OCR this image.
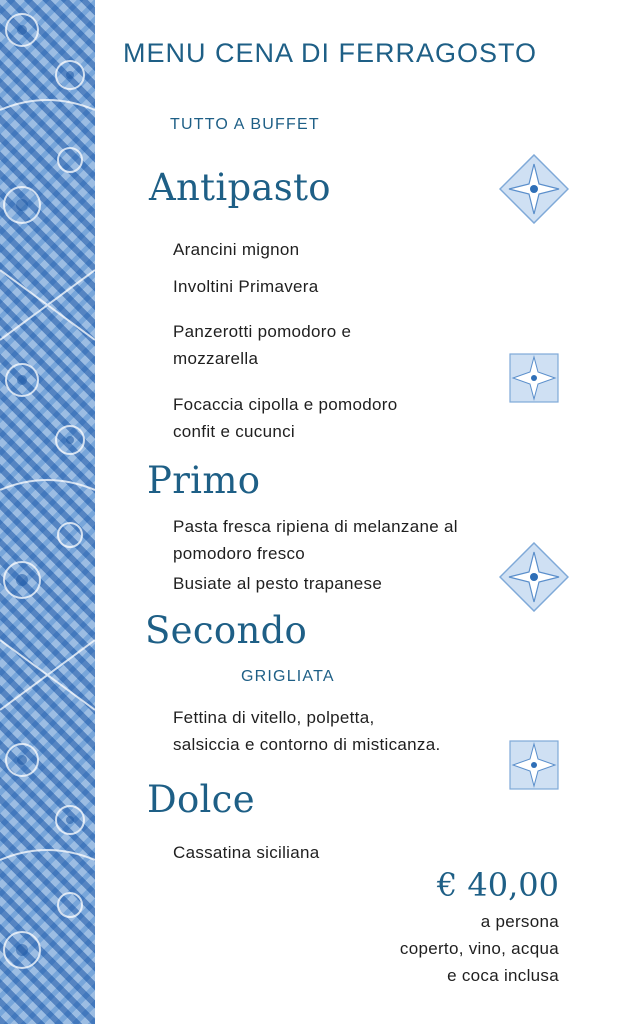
MENU CENA DI FERRAGOSTO
TUTTO A BUFFET
Antipasto
Arancini mignon
Involtini Primavera
Panzerotti pomodoro e
mozzarella
Focaccia cipolla e pomodoro
confit e cucunci
Primo
Pasta fresca ripiena di melanzane al
pomodoro fresco
Busiate al pesto trapanese
Secondo
GRIGLIATA
Fettina di vitello, polpetta,
salsiccia e contorno di misticanza.
Dolce
Cassatina siciliana
€ 40,00
a persona
coperto, vino, acqua
e coca inclusa
